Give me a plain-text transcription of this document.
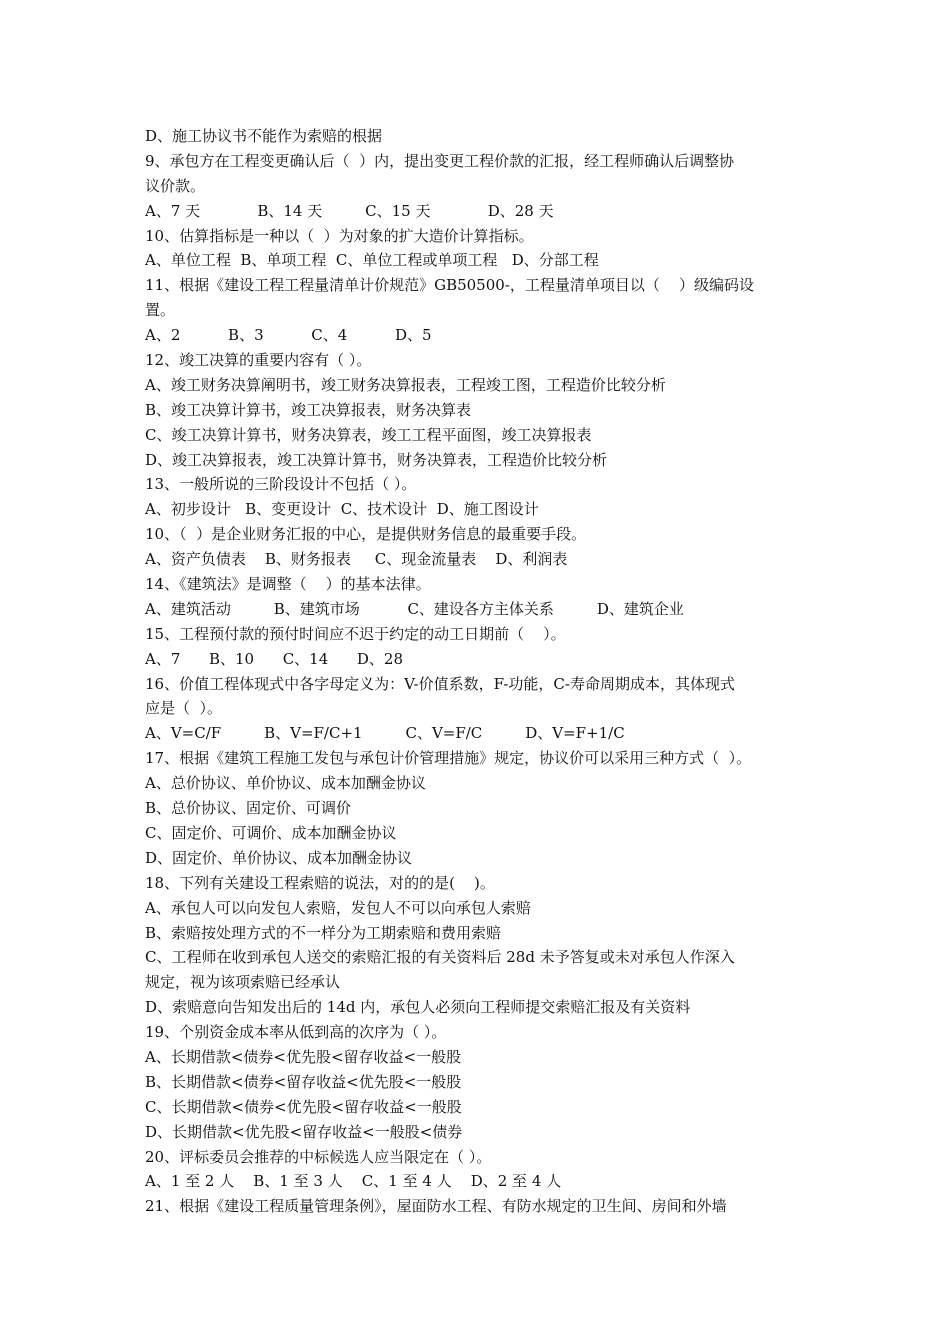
D、施工协议书不能作为索赔的根据
9、承包方在工程变更确认后（  ）内，提出变更工程价款的汇报，经工程师确认后调整协
议价款。
A、7 天            B、14 天         C、15 天            D、28 天
10、估算指标是一种以（  ）为对象的扩大造价计算指标。
A、单位工程  B、单项工程  C、单位工程或单项工程   D、分部工程
11、根据《建设工程工程量清单计价规范》GB50500-，工程量清单项目以（    ）级编码设
置。
A、2          B、3          C、4          D、5
12、竣工决算的重要内容有（ ）。
A、竣工财务决算阐明书，竣工财务决算报表，工程竣工图，工程造价比较分析
B、竣工决算计算书，竣工决算报表，财务决算表
C、竣工决算计算书，财务决算表，竣工工程平面图，竣工决算报表
D、竣工决算报表，竣工决算计算书，财务决算表，工程造价比较分析
13、一般所说的三阶段设计不包括（ ）。
A、初步设计   B、变更设计  C、技术设计  D、施工图设计
10、（  ）是企业财务汇报的中心，是提供财务信息的最重要手段。
A、资产负债表    B、财务报表     C、现金流量表    D、利润表
14、《建筑法》是调整（    ）的基本法律。
A、建筑活动         B、建筑市场          C、建设各方主体关系         D、建筑企业
15、工程预付款的预付时间应不迟于约定的动工日期前（    ）。
A、7      B、10      C、14      D、28
16、价值工程体现式中各字母定义为：V-价值系数，F-功能，C-寿命周期成本，其体现式
应是（  ）。
A、V=C/F         B、V=F/C+1         C、V=F/C         D、V=F+1/C
17、根据《建筑工程施工发包与承包计价管理措施》规定，协议价可以采用三种方式（  ）。
A、总价协议、单价协议、成本加酬金协议
B、总价协议、固定价、可调价
C、固定价、可调价、成本加酬金协议
D、固定价、单价协议、成本加酬金协议
18、下列有关建设工程索赔的说法，对的的是(    )。
A、承包人可以向发包人索赔，发包人不可以向承包人索赔
B、索赔按处理方式的不一样分为工期索赔和费用索赔
C、工程师在收到承包人送交的索赔汇报的有关资料后 28d 未予答复或未对承包人作深入
规定，视为该项索赔已经承认
D、索赔意向告知发出后的 14d 内，承包人必须向工程师提交索赔汇报及有关资料
19、个别资金成本率从低到高的次序为（ ）。
A、长期借款<债券<优先股<留存收益<一般股
B、长期借款<债券<留存收益<优先股<一般股
C、长期借款<债券<优先股<留存收益<一般股
D、长期借款<优先股<留存收益<一般股<债券
20、评标委员会推荐的中标候选人应当限定在（ ）。
A、1 至 2 人    B、1 至 3 人    C、1 至 4 人    D、2 至 4 人
21、根据《建设工程质量管理条例》，屋面防水工程、有防水规定的卫生间、房间和外墙
